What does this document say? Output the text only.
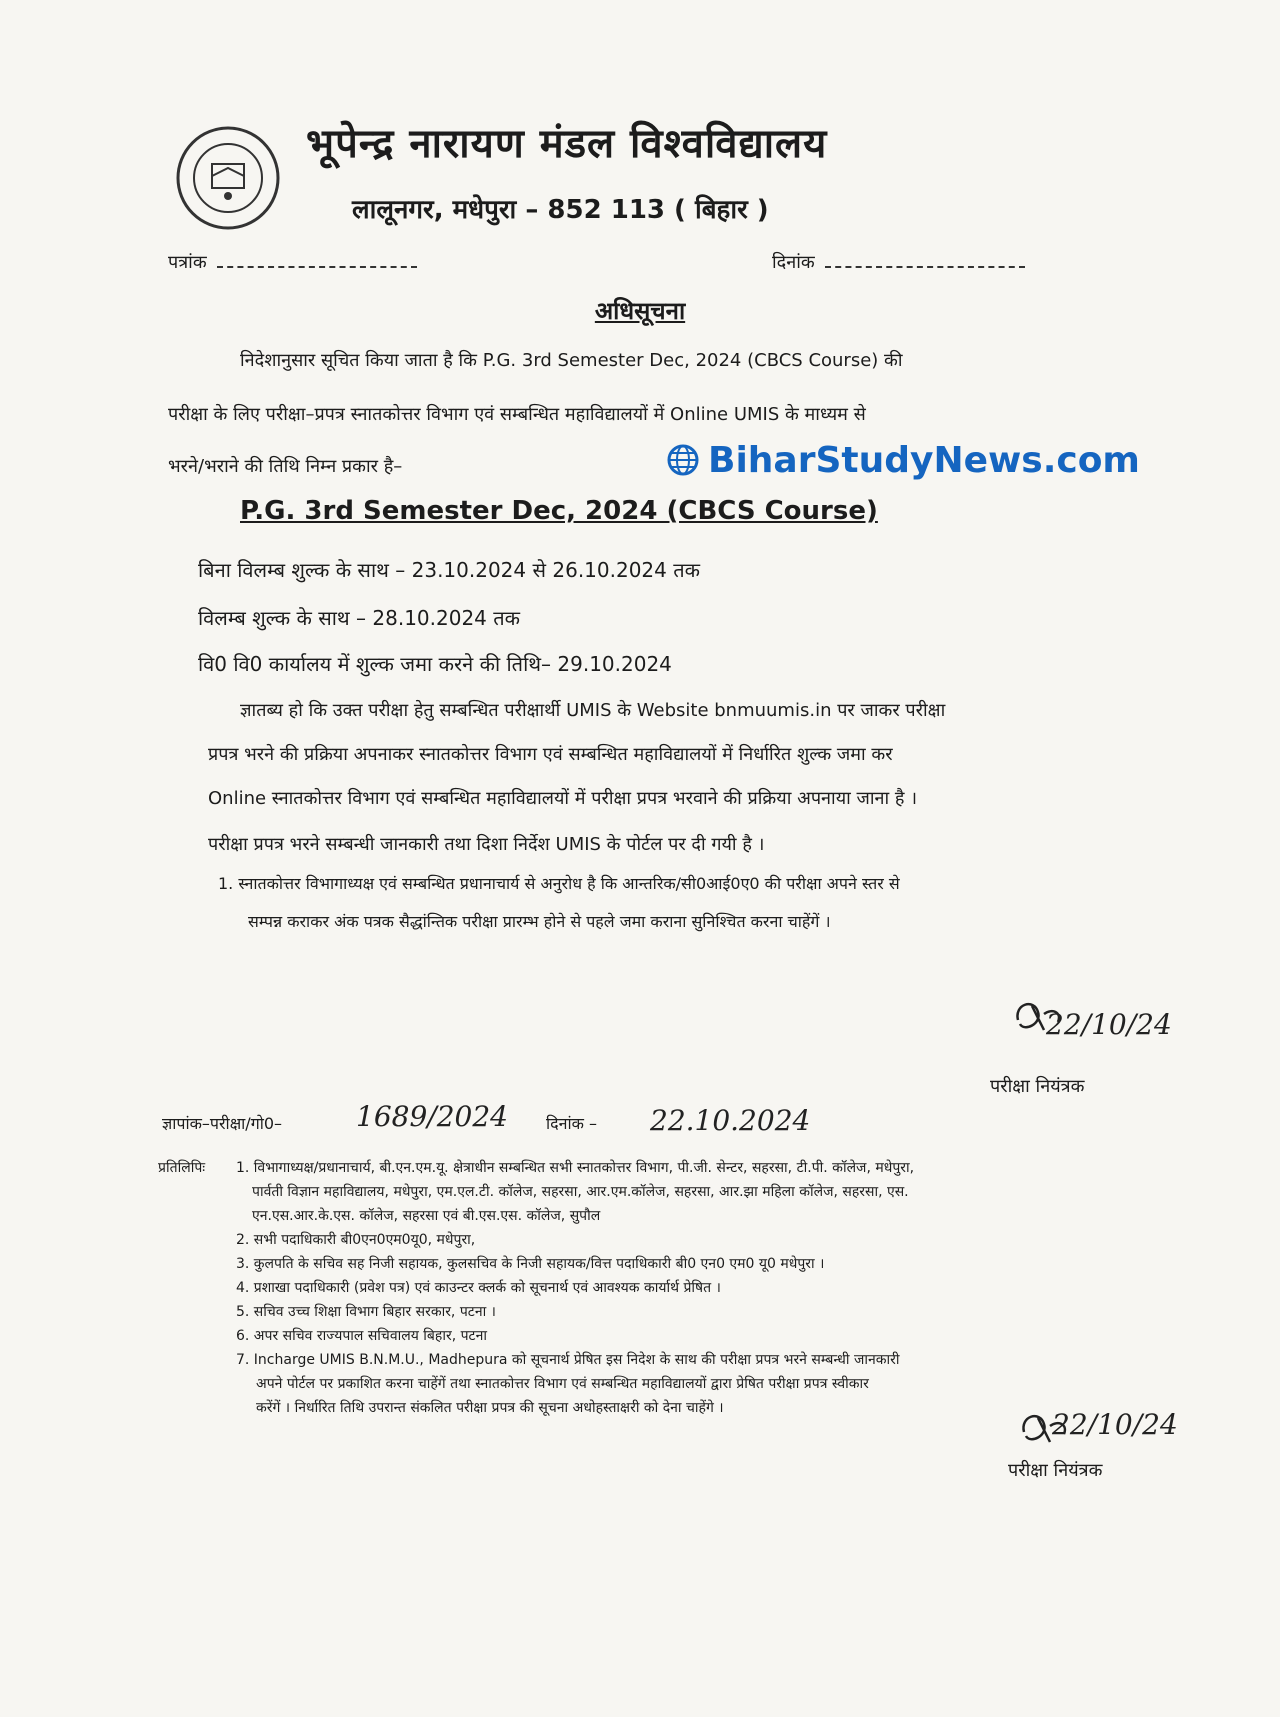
भूपेन्द्र नारायण मंडल विश्वविद्यालय
लालूनगर, मधेपुरा – 852 113 ( बिहार )
पत्रांक	दिनांक
अधिसूचना
निदेशानुसार सूचित किया जाता है कि P.G. 3rd Semester Dec, 2024 (CBCS Course) की
परीक्षा के लिए परीक्षा–प्रपत्र स्नातकोत्तर विभाग एवं सम्बन्धित महाविद्यालयों में Online UMIS के माध्यम से
भरने/भराने की तिथि निम्न प्रकार है–	BiharStudyNews.com
P.G. 3rd Semester Dec, 2024 (CBCS Course)
बिना विलम्ब शुल्क के साथ – 23.10.2024 से 26.10.2024 तक
विलम्ब शुल्क के साथ – 28.10.2024 तक
वि0 वि0 कार्यालय में शुल्क जमा करने की तिथि– 29.10.2024
ज्ञातब्य हो कि उक्त परीक्षा हेतु सम्बन्धित परीक्षार्थी UMIS के Website bnmuumis.in पर जाकर परीक्षा
प्रपत्र भरने की प्रक्रिया अपनाकर स्नातकोत्तर विभाग एवं सम्बन्धित महाविद्यालयों में निर्धारित शुल्क जमा कर
Online स्नातकोत्तर विभाग एवं सम्बन्धित महाविद्यालयों में परीक्षा प्रपत्र भरवाने की प्रक्रिया अपनाया जाना है ।
परीक्षा प्रपत्र भरने सम्बन्धी जानकारी तथा दिशा निर्देश UMIS के पोर्टल पर दी गयी है ।
1. स्नातकोत्तर विभागाध्यक्ष एवं सम्बन्धित प्रधानाचार्य से अनुरोध है कि आन्तरिक/सी0आई0ए0 की परीक्षा अपने स्तर से
सम्पन्न कराकर अंक पत्रक सैद्धांन्तिक परीक्षा प्रारम्भ होने से पहले जमा कराना सुनिश्चित करना चाहेंगें ।
22/10/24
परीक्षा नियंत्रक
ज्ञापांक–परीक्षा/गो0–	1689/2024 दिनांक – 22.10.2024
प्रतिलिपिः 1. विभागाध्यक्ष/प्रधानाचार्य, बी.एन.एम.यू. क्षेत्राधीन सम्बन्धित सभी स्नातकोत्तर विभाग, पी.जी. सेन्टर, सहरसा, टी.पी. कॉलेज, मधेपुरा,
पार्वती विज्ञान महाविद्यालय, मधेपुरा, एम.एल.टी. कॉलेज, सहरसा, आर.एम.कॉलेज, सहरसा, आर.झा महिला कॉलेज, सहरसा, एस.
एन.एस.आर.के.एस. कॉलेज, सहरसा एवं बी.एस.एस. कॉलेज, सुपौल
2. सभी पदाधिकारी बी0एन0एम0यू0, मधेपुरा,
3. कुलपति के सचिव सह निजी सहायक, कुलसचिव के निजी सहायक/वित्त पदाधिकारी बी0 एन0 एम0 यू0 मधेपुरा ।
4. प्रशाखा पदाधिकारी (प्रवेश पत्र) एवं काउन्टर क्लर्क को सूचनार्थ एवं आवश्यक कार्यार्थ प्रेषित ।
5. सचिव उच्च शिक्षा विभाग बिहार सरकार, पटना ।
6. अपर सचिव राज्यपाल सचिवालय बिहार, पटना
7. Incharge UMIS B.N.M.U., Madhepura को सूचनार्थ प्रेषित इस निदेश के साथ की परीक्षा प्रपत्र भरने सम्बन्धी जानकारी
अपने पोर्टल पर प्रकाशित करना चाहेंगें तथा स्नातकोत्तर विभाग एवं सम्बन्धित महाविद्यालयों द्वारा प्रेषित परीक्षा प्रपत्र स्वीकार
करेंगें । निर्धारित तिथि उपरान्त संकलित परीक्षा प्रपत्र की सूचना अधोहस्ताक्षरी को देना चाहेंगे ।	22/10/24
परीक्षा नियंत्रक
